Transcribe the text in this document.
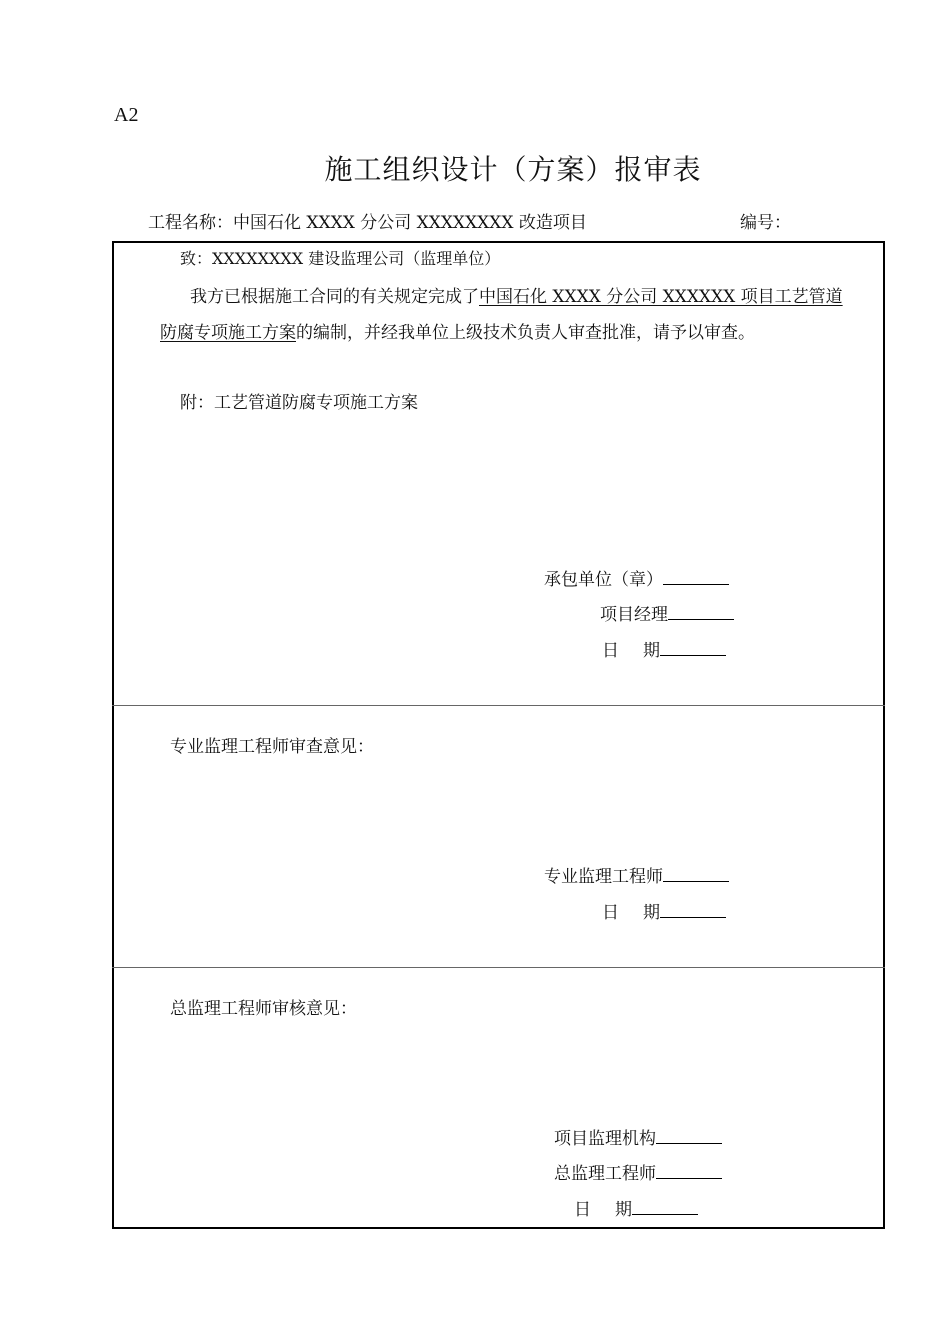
A2
施工组织设计（方案）报审表
工程名称：中国石化 XXXX 分公司 XXXXXXXX 改造项目	编号：
致：XXXXXXXX 建设监理公司（监理单位）
我方已根据施工合同的有关规定完成了中国石化 XXXX 分公司 XXXXXX 项目工艺管道
防腐专项施工方案的编制，并经我单位上级技术负责人审查批准，请予以审查。
附：工艺管道防腐专项施工方案
承包单位（章）
项目经理
日 期
专业监理工程师审查意见：
专业监理工程师
日 期
总监理工程师审核意见：
项目监理机构
总监理工程师
日 期
